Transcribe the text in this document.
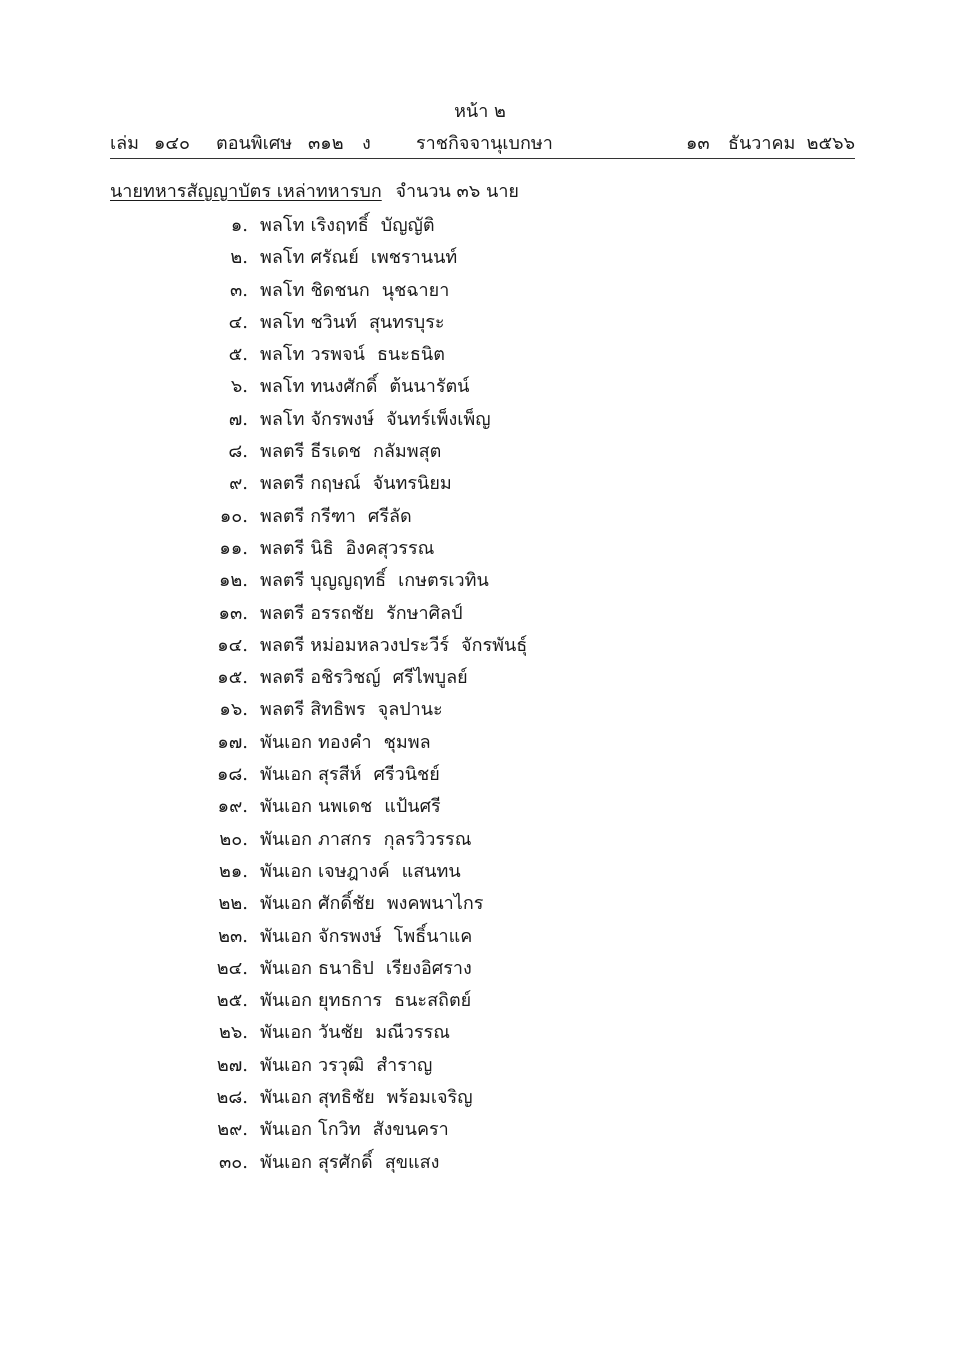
หน้า ๒
เล่ม ๑๔๐ ตอนพิเศษ ๓๑๒ ง	ราชกิจจานุเบกษา	๑๓ ธันวาคม ๒๕๖๖
นายทหารสัญญาบัตร เหล่าทหารบก จำนวน ๓๖ นาย
๑. พลโท เริงฤทธิ์ บัญญัติ
๒. พลโท ศรัณย์ เพชรานนท์
๓. พลโท ชิดชนก นุชฉายา
๔. พลโท ชวินท์ สุนทรบุระ
๕. พลโท วรพจน์ ธนะธนิต
๖. พลโท ทนงศักดิ์ ต้นนารัตน์
๗. พลโท จักรพงษ์ จันทร์เพ็งเพ็ญ
๘. พลตรี ธีรเดช กลัมพสุต
๙. พลตรี กฤษณ์ จันทรนิยม
๑๐. พลตรี กรีฑา ศรีลัด
๑๑. พลตรี นิธิ อิงคสุวรรณ
๑๒. พลตรี บุญญฤทธิ์ เกษตรเวทิน
๑๓. พลตรี อรรถชัย รักษาศิลป์
๑๔. พลตรี หม่อมหลวงประวีร์ จักรพันธุ์
๑๕. พลตรี อชิรวิชญ์ ศรีไพบูลย์
๑๖. พลตรี สิทธิพร จุลปานะ
๑๗. พันเอก ทองคำ ชุมพล
๑๘. พันเอก สุรสีห์ ศรีวนิชย์
๑๙. พันเอก นพเดช แป้นศรี
๒๐. พันเอก ภาสกร กุลรวิวรรณ
๒๑. พันเอก เจษฎางค์ แสนทน
๒๒. พันเอก ศักดิ์ชัย พงคพนาไกร
๒๓. พันเอก จักรพงษ์ โพธิ์นาแค
๒๔. พันเอก ธนาธิป เรียงอิศราง
๒๕. พันเอก ยุทธการ ธนะสถิตย์
๒๖. พันเอก วันชัย มณีวรรณ
๒๗. พันเอก วรวุฒิ สำราญ
๒๘. พันเอก สุทธิชัย พร้อมเจริญ
๒๙. พันเอก โกวิท สังขนครา
๓๐. พันเอก สุรศักดิ์ สุขแสง
